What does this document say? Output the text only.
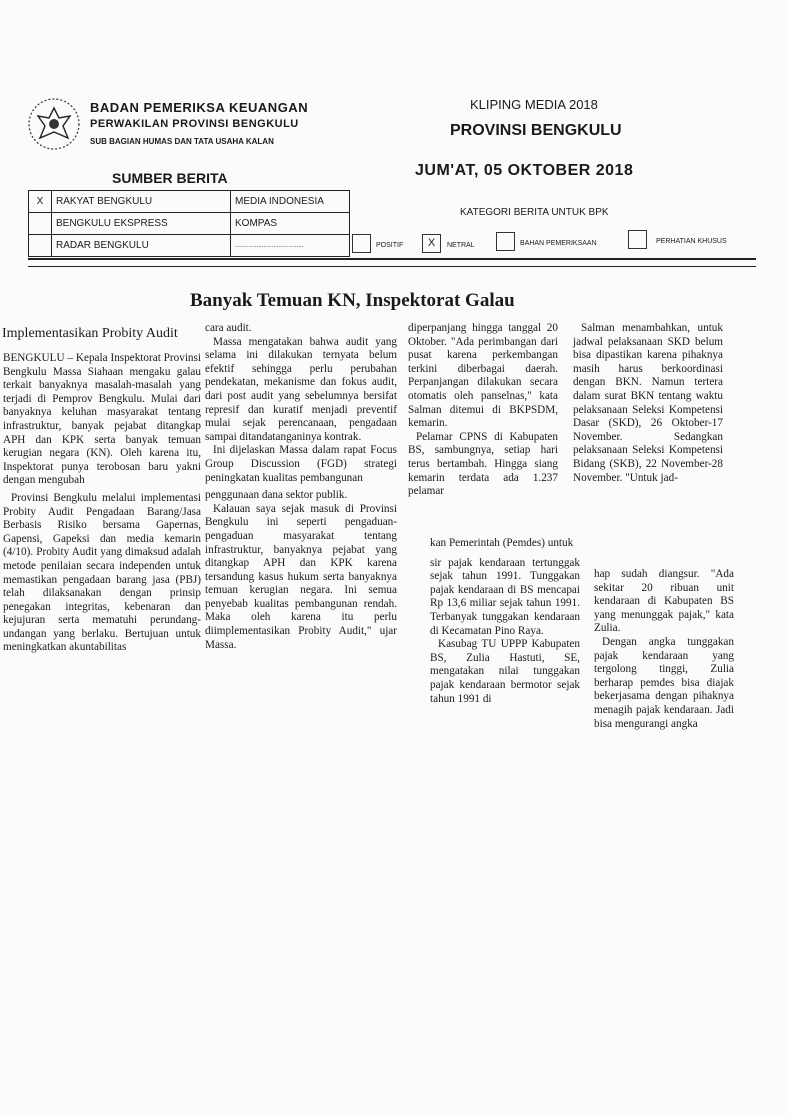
BADAN PEMERIKSA KEUANGAN
PERWAKILAN PROVINSI BENGKULU
SUB BAGIAN HUMAS DAN TATA USAHA KALAN
KLIPING MEDIA 2018
PROVINSI BENGKULU
JUM'AT, 05 OKTOBER 2018
SUMBER BERITA
X	RAKYAT BENGKULU	MEDIA INDONESIA
	BENGKULU EKSPRESS	KOMPAS
	RADAR BENGKULU	.........................................
KATEGORI BERITA UNTUK BPK
POSITIF	X	NETRAL	BAHAN PEMERIKSAAN	PERHATIAN KHUSUS
Banyak Temuan KN, Inspektorat Galau
Implementasikan Probity Audit

BENGKULU – Kepala Inspektorat Provinsi Bengkulu Massa Siahaan mengaku galau terkait banyaknya masalah-masalah yang terjadi di Pemprov Bengkulu. Mulai dari banyaknya keluhan masyarakat tentang infrastruktur, banyak pejabat ditangkap APH dan KPK serta banyak temuan kerugian negara (KN). Oleh karena itu, Inspektorat punya terobosan baru yakni dengan mengubah

Provinsi Bengkulu melalui implementasi Probity Audit Pengadaan Barang/Jasa Berbasis Risiko bersama Gapernas, Gapensi, Gapeksi dan media kemarin (4/10). Probity Audit yang dimaksud adalah metode penilaian secara independen untuk memastikan pengadaan barang jasa (PBJ) telah dilaksanakan dengan prinsip penegakan integritas, kebenaran dan kejujuran serta mematuhi perundang-undangan yang berlaku. Bertujuan untuk meningkatkan akuntabilitas

cara audit.

Massa mengatakan bahwa audit yang selama ini dilakukan ternyata belum efektif sehingga perlu perubahan pendekatan, mekanisme dan fokus audit, dari post audit yang sebelumnya bersifat represif dan kuratif menjadi preventif mulai sejak perencanaan, pengadaan sampai ditandatanganinya kontrak.

Ini dijelaskan Massa dalam rapat Focus Group Discussion (FGD) strategi peningkatan kualitas pembangunan

penggunaan dana sektor publik.

Kalauan saya sejak masuk di Provinsi Bengkulu ini seperti pengaduan-pengaduan masyarakat tentang infrastruktur, banyaknya pejabat yang ditangkap APH dan KPK karena tersandung kasus hukum serta banyaknya temuan kerugian negara. Ini semua penyebab kualitas pembangunan rendah. Maka oleh karena itu perlu diimplementasikan Probity Audit," ujar Massa.

diperpanjang hingga tanggal 20 Oktober. "Ada perimbangan dari pusat karena perkembangan terkini diberbagai daerah. Perpanjangan dilakukan secara otomatis oleh panselnas," kata Salman ditemui di BKPSDM, kemarin.

Pelamar CPNS di Kabupaten BS, sambungnya, setiap hari terus bertambah. Hingga siang kemarin terdata ada 1.237 pelamar

Salman menambahkan, untuk jadwal pelaksanaan SKD belum bisa dipastikan karena pihaknya masih harus berkoordinasi dengan BKN. Namun tertera dalam surat BKN tentang waktu pelaksanaan Seleksi Kompetensi Dasar (SKD), 26 Oktober-17 November. Sedangkan pelaksanaan Seleksi Kompetensi Bidang (SKB), 22 November-28 November. "Untuk jad-

kan Pemerintah (Pemdes) untuk

sir pajak kendaraan tertunggak sejak tahun 1991. Tunggakan pajak kendaraan di BS mencapai Rp 13,6 miliar sejak tahun 1991. Terbanyak tunggakan kendaraan di Kecamatan Pino Raya.

Kasubag TU UPPP Kabupaten BS, Zulia Hastuti, SE, mengatakan nilai tunggakan pajak kendaraan bermotor sejak tahun 1991 di

hap sudah diangsur. "Ada sekitar 20 ribuan unit kendaraan di Kabupaten BS yang menunggak pajak," kata Zulia.

Dengan angka tunggakan pajak kendaraan yang tergolong tinggi, Zulia berharap pemdes bisa diajak bekerjasama dengan pihaknya menagih pajak kendaraan. Jadi bisa mengurangi angka
